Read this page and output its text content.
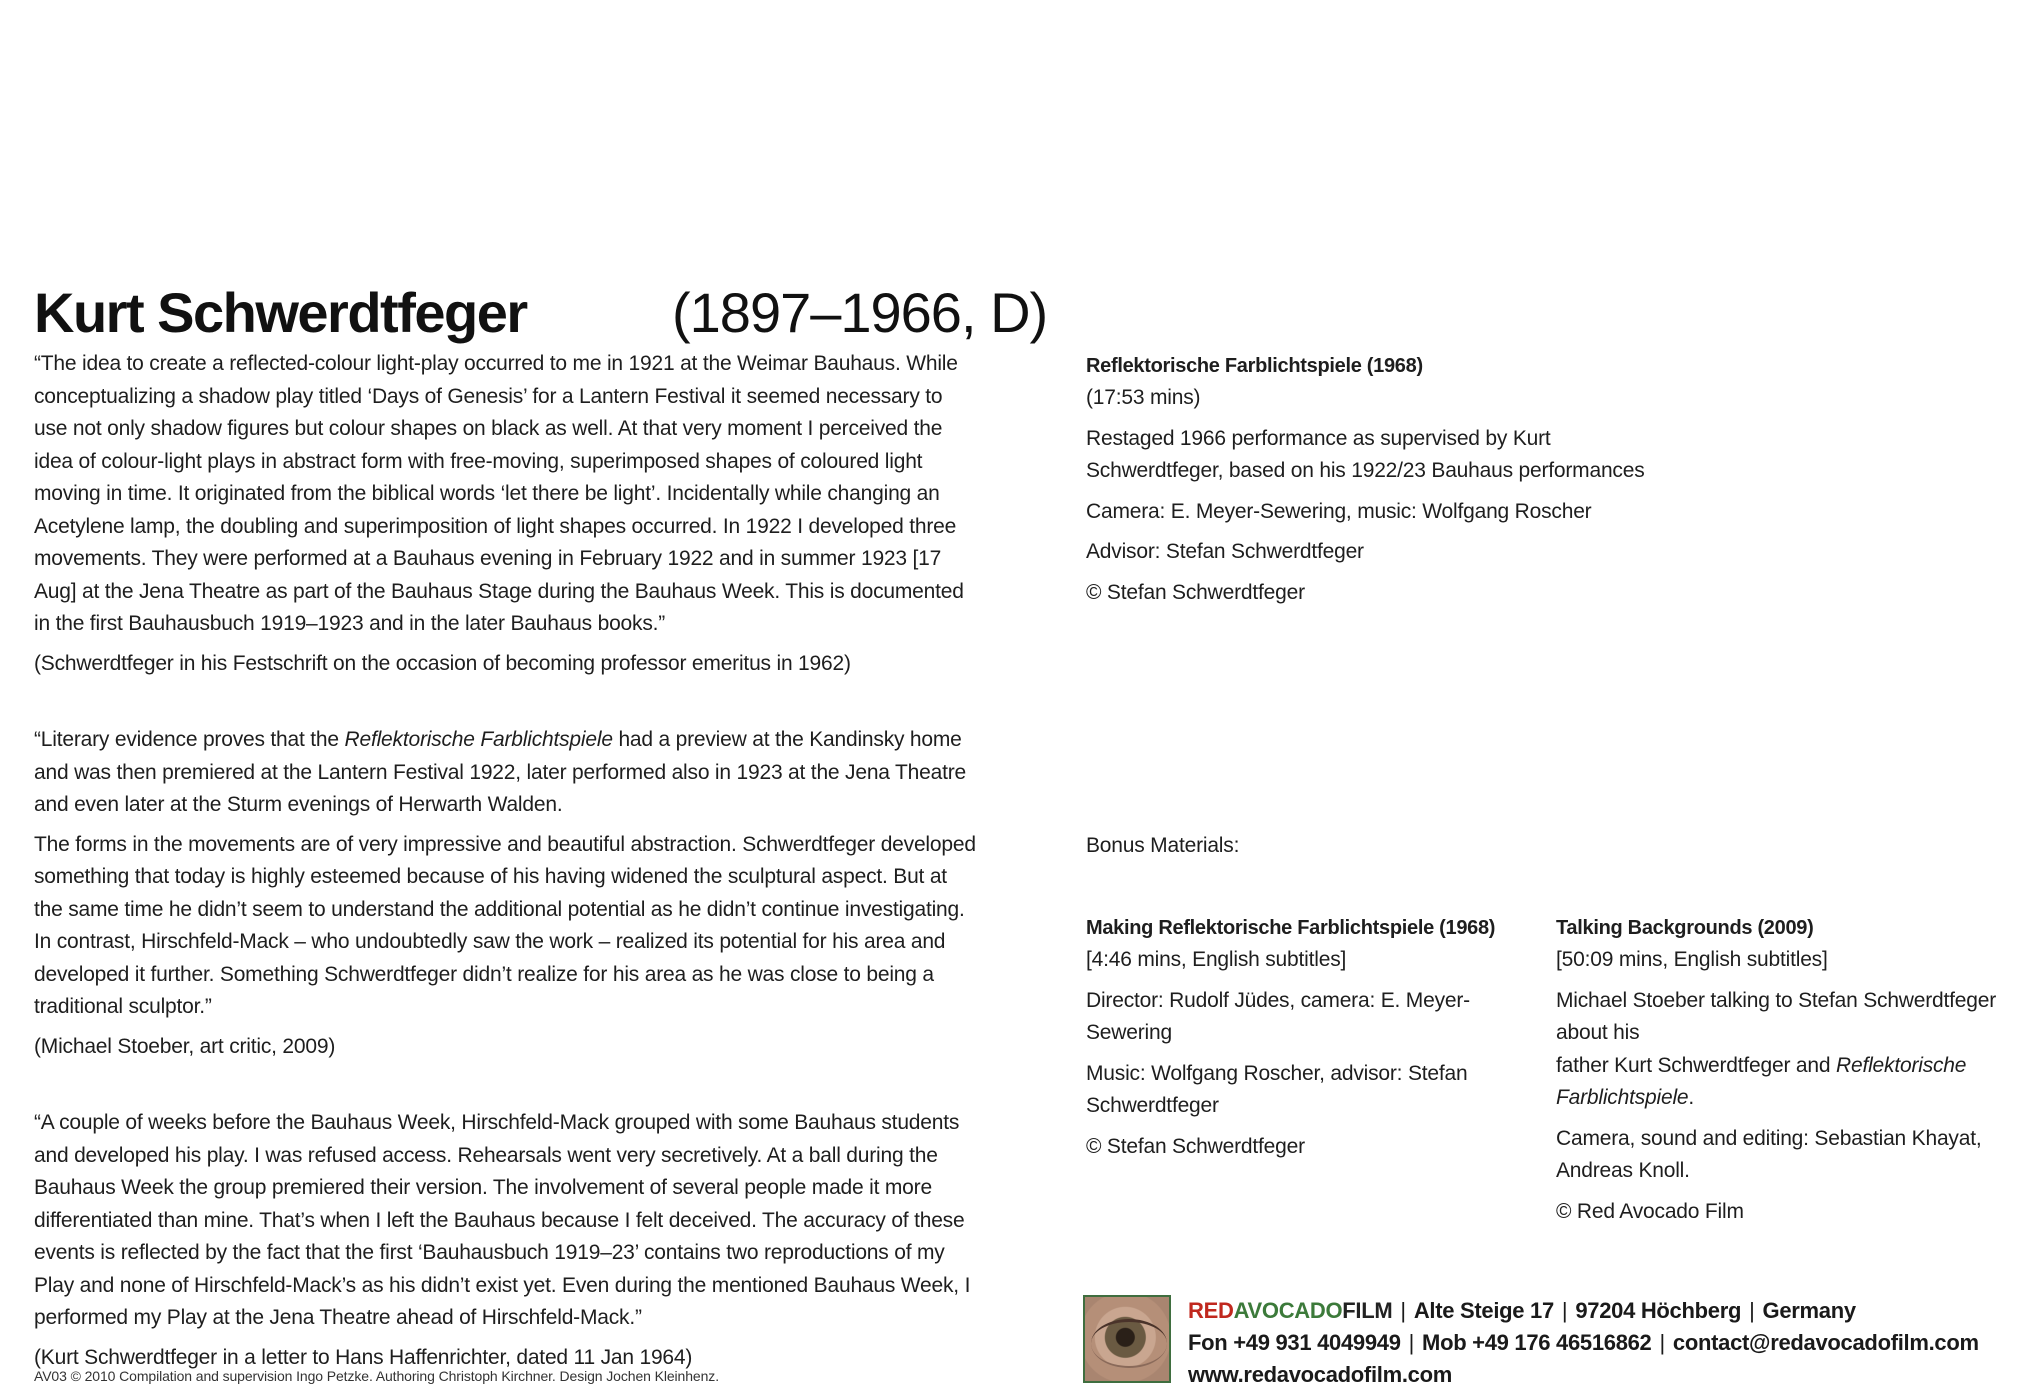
Kurt Schwerdtfeger	(1897–1966, D)

“The idea to create a reflected-colour light-play occurred to me in 1921 at the Weimar Bauhaus. While conceptualizing a shadow play titled ‘Days of Genesis’ for a Lantern Festival it seemed necessary to use not only shadow figures but colour shapes on black as well. At that very moment I perceived the idea of colour-light plays in abstract form with free-moving, superimposed shapes of coloured light moving in time. It originated from the biblical words ‘let there be light’. Incidentally while changing an Acetylene lamp, the doubling and superimposition of light shapes occurred. In 1922 I developed three movements. They were performed at a Bauhaus evening in February 1922 and in summer 1923 [17 Aug] at the Jena Theatre as part of the Bauhaus Stage during the Bauhaus Week. This is documented in the first Bauhausbuch 1919–1923 and in the later Bauhaus books.”

(Schwerdtfeger in his Festschrift on the occasion of becoming professor emeritus in 1962)

“Literary evidence proves that the Reflektorische Farblichtspiele had a preview at the Kandinsky home and was then premiered at the Lantern Festival 1922, later performed also in 1923 at the Jena Theatre and even later at the Sturm evenings of Herwarth Walden.

The forms in the movements are of very impressive and beautiful abstraction. Schwerdtfeger developed something that today is highly esteemed because of his having widened the sculptural aspect. But at the same time he didn’t seem to understand the additional potential as he didn’t continue investigating. In contrast, Hirschfeld-Mack – who undoubtedly saw the work – realized its potential for his area and developed it further. Something Schwerdtfeger didn’t realize for his area as he was close to being a traditional sculptor.”

(Michael Stoeber, art critic, 2009)

“A couple of weeks before the Bauhaus Week, Hirschfeld-Mack grouped with some Bauhaus students and developed his play. I was refused access. Rehearsals went very secretively. At a ball during the Bauhaus Week the group premiered their version. The involvement of several people made it more differentiated than mine. That’s when I left the Bauhaus because I felt deceived. The accuracy of these events is reflected by the fact that the first ‘Bauhausbuch 1919–23’ contains two reproductions of my Play and none of Hirschfeld-Mack’s as his didn’t exist yet. Even during the mentioned Bauhaus Week, I performed my Play at the Jena Theatre ahead of Hirschfeld-Mack.”

(Kurt Schwerdtfeger in a letter to Hans Haffenrichter, dated 11 Jan 1964)

Reflektorische Farblichtspiele (1968)
(17:53 mins)
Restaged 1966 performance as supervised by Kurt
Schwerdtfeger, based on his 1922/23 Bauhaus performances
Camera: E. Meyer-Sewering, music: Wolfgang Roscher
Advisor: Stefan Schwerdtfeger
© Stefan Schwerdtfeger
Bonus Materials:
Making Reflektorische Farblichtspiele (1968)
[4:46 mins, English subtitles]
Director: Rudolf Jüdes, camera: E. Meyer-Sewering
Music: Wolfgang Roscher, advisor: Stefan Schwerdtfeger
© Stefan Schwerdtfeger
Talking Backgrounds (2009)
[50:09 mins, English subtitles]
Michael Stoeber talking to Stefan Schwerdtfeger about his
father Kurt Schwerdtfeger and Reflektorische Farblichtspiele.
Camera, sound and editing: Sebastian Khayat, Andreas Knoll.
© Red Avocado Film
REDAVOCADOFILM | Alte Steige 17 | 97204 Höchberg | Germany
Fon +49 931 4049949 | Mob +49 176 46516862 | contact@redavocadofilm.com
www.redavocadofilm.com
AV03 © 2010 Compilation and supervision Ingo Petzke. Authoring Christoph Kirchner. Design Jochen Kleinhenz.
